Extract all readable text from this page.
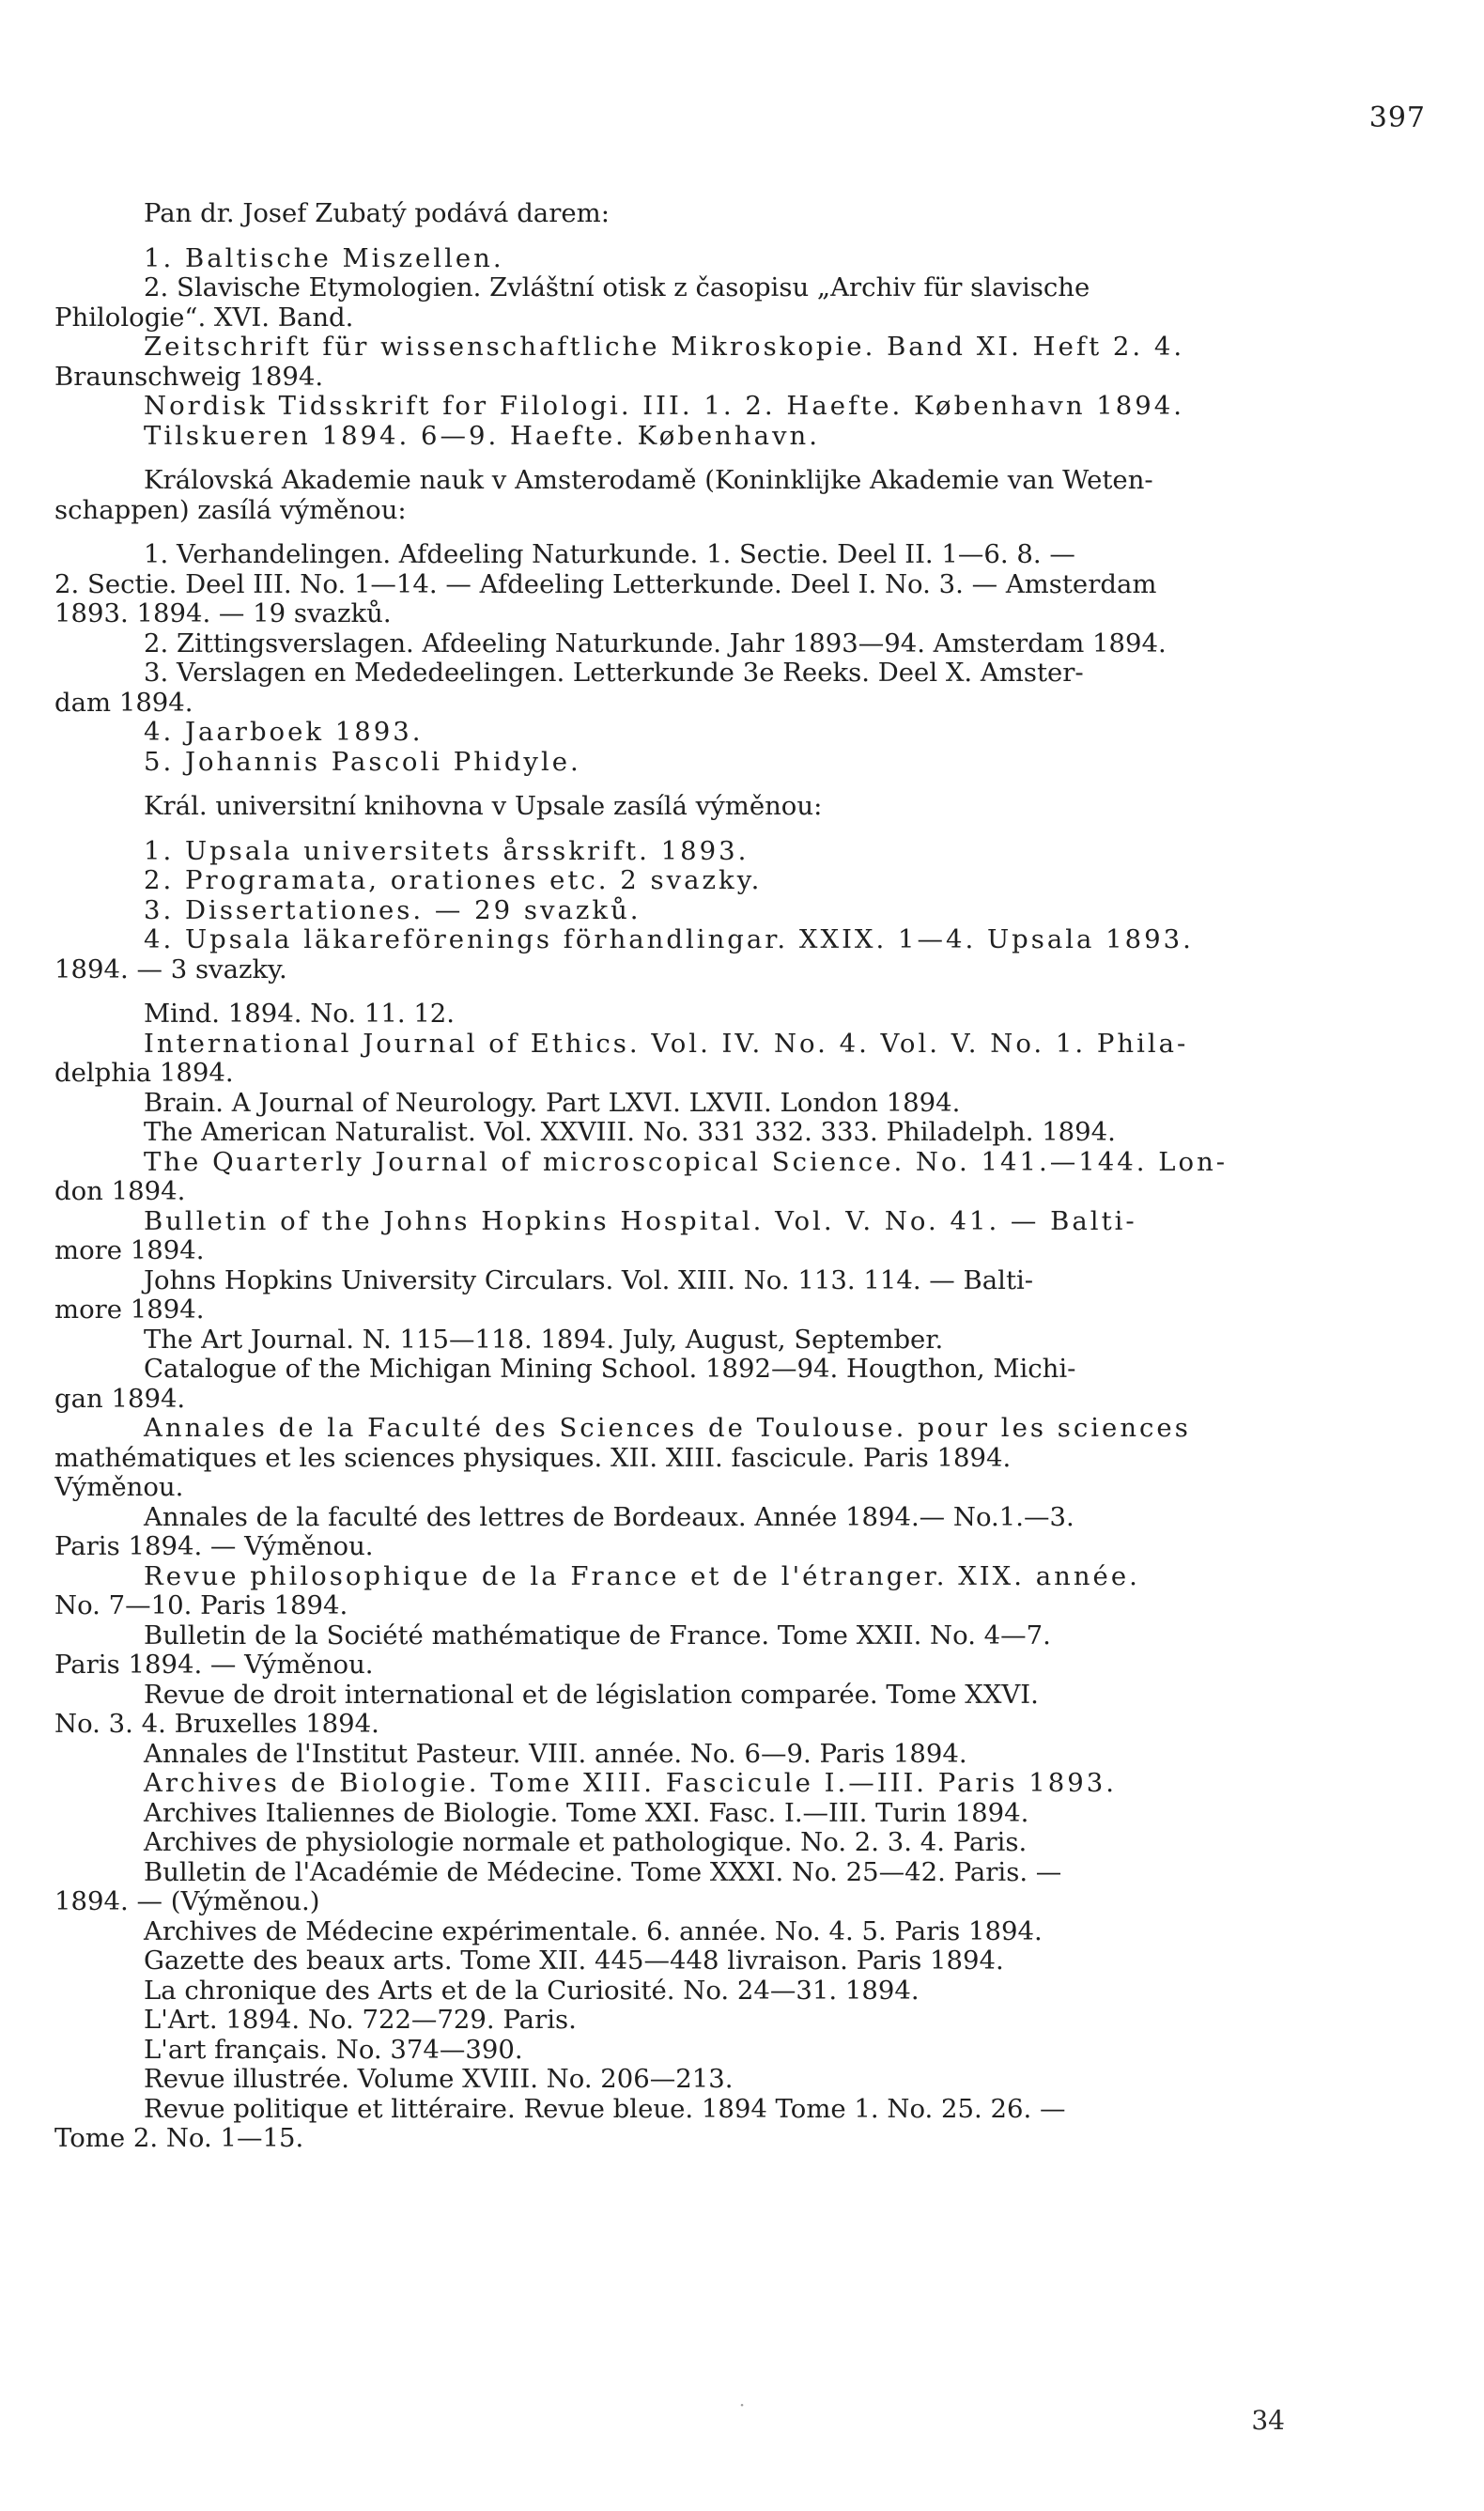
397
Pan dr. Josef Zubatý podává darem:
1. Baltische Miszellen.
2. Slavische Etymologien. Zvláštní otisk z časopisu „Archiv für slavische
Philologie“. XVI. Band.
Zeitschrift für wissenschaftliche Mikroskopie. Band XI. Heft 2. 4.
Braunschweig 1894.
Nordisk Tidsskrift for Filologi. III. 1. 2. Haefte. København 1894.
Tilskueren 1894. 6—9. Haefte. København.
Královská Akademie nauk v Amsterodamě (Koninklijke Akademie van Weten-
schappen) zasílá výměnou:
1. Verhandelingen. Afdeeling Naturkunde. 1. Sectie. Deel II. 1—6. 8. —
2. Sectie. Deel III. No. 1—14. — Afdeeling Letterkunde. Deel I. No. 3. — Amsterdam
1893. 1894. — 19 svazků.
2. Zittingsverslagen. Afdeeling Naturkunde. Jahr 1893—94. Amsterdam 1894.
3. Verslagen en Mededeelingen. Letterkunde 3e Reeks. Deel X. Amster-
dam 1894.
4. Jaarboek 1893.
5. Johannis Pascoli Phidyle.
Král. universitní knihovna v Upsale zasílá výměnou:
1. Upsala universitets årsskrift. 1893.
2. Programata, orationes etc. 2 svazky.
3. Dissertationes. — 29 svazků.
4. Upsala läkareförenings förhandlingar. XXIX. 1—4. Upsala 1893.
1894. — 3 svazky.
Mind. 1894. No. 11. 12.
International Journal of Ethics. Vol. IV. No. 4. Vol. V. No. 1. Phila-
delphia 1894.
Brain. A Journal of Neurology. Part LXVI. LXVII. London 1894.
The American Naturalist. Vol. XXVIII. No. 331 332. 333. Philadelph. 1894.
The Quarterly Journal of microscopical Science. No. 141.—144. Lon-
don 1894.
Bulletin of the Johns Hopkins Hospital. Vol. V. No. 41. — Balti-
more 1894.
Johns Hopkins University Circulars. Vol. XIII. No. 113. 114. — Balti-
more 1894.
The Art Journal. N. 115—118. 1894. July, August, September.
Catalogue of the Michigan Mining School. 1892—94. Hougthon, Michi-
gan 1894.
Annales de la Faculté des Sciences de Toulouse. pour les sciences
mathématiques et les sciences physiques. XII. XIII. fascicule. Paris 1894.
Výměnou.
Annales de la faculté des lettres de Bordeaux. Année 1894.— No.1.—3.
Paris 1894. — Výměnou.
Revue philosophique de la France et de l'étranger. XIX. année.
No. 7—10. Paris 1894.
Bulletin de la Société mathématique de France. Tome XXII. No. 4—7.
Paris 1894. — Výměnou.
Revue de droit international et de législation comparée. Tome XXVI.
No. 3. 4. Bruxelles 1894.
Annales de l'Institut Pasteur. VIII. année. No. 6—9. Paris 1894.
Archives de Biologie. Tome XIII. Fascicule I.—III. Paris 1893.
Archives Italiennes de Biologie. Tome XXI. Fasc. I.—III. Turin 1894.
Archives de physiologie normale et pathologique. No. 2. 3. 4. Paris.
Bulletin de l'Académie de Médecine. Tome XXXI. No. 25—42. Paris. —
1894. — (Výměnou.)
Archives de Médecine expérimentale. 6. année. No. 4. 5. Paris 1894.
Gazette des beaux arts. Tome XII. 445—448 livraison. Paris 1894.
La chronique des Arts et de la Curiosité. No. 24—31. 1894.
L'Art. 1894. No. 722—729. Paris.
L'art français. No. 374—390.
Revue illustrée. Volume XVIII. No. 206—213.
Revue politique et littéraire. Revue bleue. 1894 Tome 1. No. 25. 26. —
Tome 2. No. 1—15.
·	34
